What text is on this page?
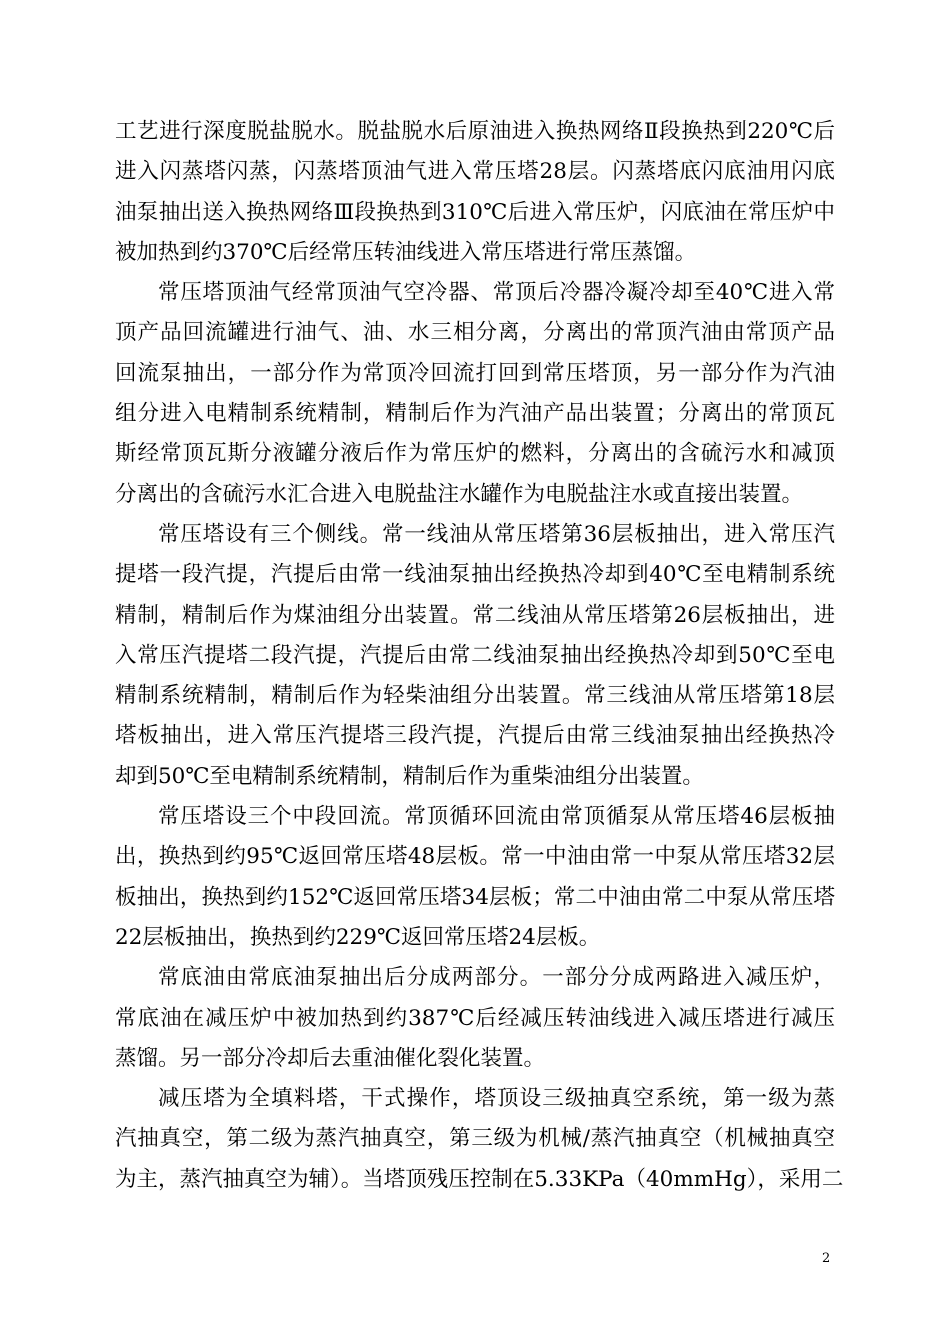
工艺进行深度脱盐脱水。脱盐脱水后原油进入换热网络Ⅱ段换热到220℃后
进入闪蒸塔闪蒸，闪蒸塔顶油气进入常压塔28层。闪蒸塔底闪底油用闪底
油泵抽出送入换热网络Ⅲ段换热到310℃后进入常压炉，闪底油在常压炉中
被加热到约370℃后经常压转油线进入常压塔进行常压蒸馏。

常压塔顶油气经常顶油气空冷器、常顶后冷器冷凝冷却至40℃进入常
顶产品回流罐进行油气、油、水三相分离，分离出的常顶汽油由常顶产品
回流泵抽出，一部分作为常顶冷回流打回到常压塔顶，另一部分作为汽油
组分进入电精制系统精制，精制后作为汽油产品出装置；分离出的常顶瓦
斯经常顶瓦斯分液罐分液后作为常压炉的燃料，分离出的含硫污水和减顶
分离出的含硫污水汇合进入电脱盐注水罐作为电脱盐注水或直接出装置。

常压塔设有三个侧线。常一线油从常压塔第36层板抽出，进入常压汽
提塔一段汽提，汽提后由常一线油泵抽出经换热冷却到40℃至电精制系统
精制，精制后作为煤油组分出装置。常二线油从常压塔第26层板抽出，进
入常压汽提塔二段汽提，汽提后由常二线油泵抽出经换热冷却到50℃至电
精制系统精制，精制后作为轻柴油组分出装置。常三线油从常压塔第18层
塔板抽出，进入常压汽提塔三段汽提，汽提后由常三线油泵抽出经换热冷
却到50℃至电精制系统精制，精制后作为重柴油组分出装置。

常压塔设三个中段回流。常顶循环回流由常顶循泵从常压塔46层板抽
出，换热到约95℃返回常压塔48层板。常一中油由常一中泵从常压塔32层
板抽出，换热到约152℃返回常压塔34层板；常二中油由常二中泵从常压塔
22层板抽出，换热到约229℃返回常压塔24层板。

常底油由常底油泵抽出后分成两部分。一部分分成两路进入减压炉，
常底油在减压炉中被加热到约387℃后经减压转油线进入减压塔进行减压
蒸馏。另一部分冷却后去重油催化裂化装置。

减压塔为全填料塔，干式操作，塔顶设三级抽真空系统，第一级为蒸
汽抽真空，第二级为蒸汽抽真空，第三级为机械/蒸汽抽真空（机械抽真空
为主，蒸汽抽真空为辅）。当塔顶残压控制在5.33KPa（40mmHg），采用二

2
